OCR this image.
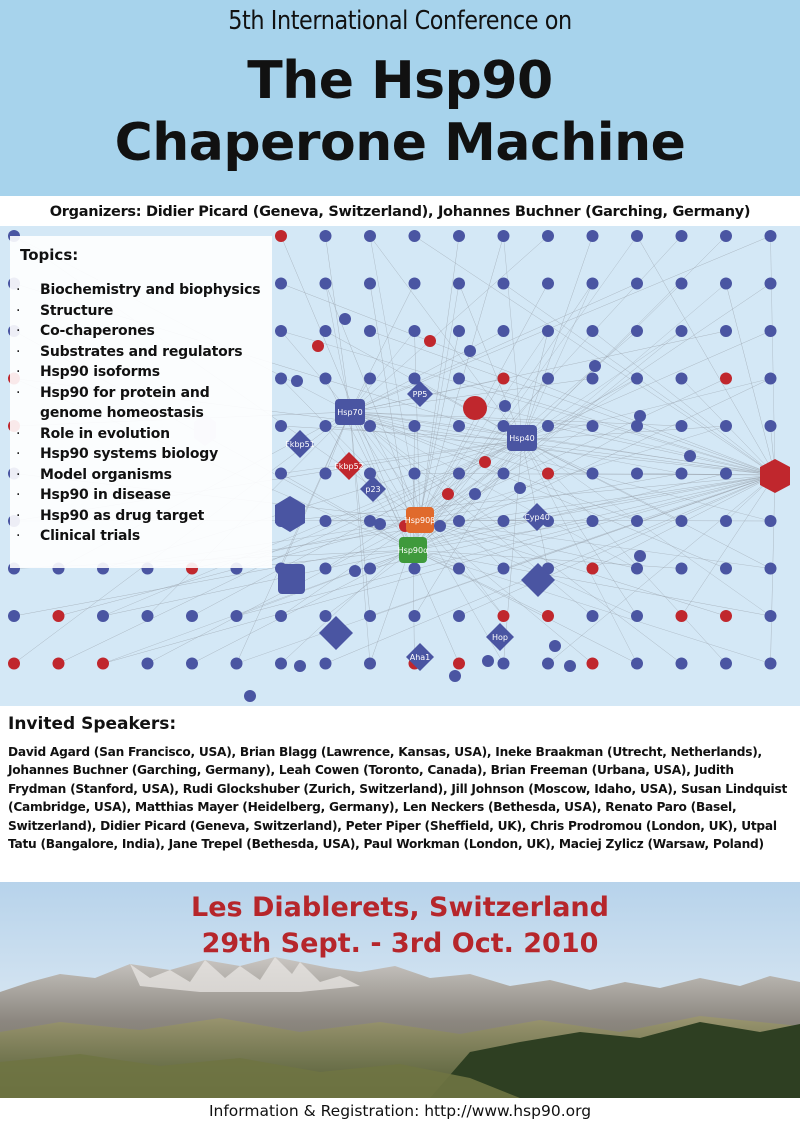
5th International Conference on
The Hsp90
Chaperone Machine
Organizers: Didier Picard (Geneva, Switzerland), Johannes Buchner (Garching, Germany)
PP5
Hsp70
Hsp40
Fkbp51
Fkbp52
p23
Hsp90β
Hsp90α
Cyp40
Hop
Aha1
Topics:
·	Biochemistry and biophysics
·	Structure
·	Co-chaperones
·	Substrates and regulators
·	Hsp90 isoforms
·	Hsp90 for protein and genome homeostasis
·	Role in evolution
·	Hsp90 systems biology
·	Model organisms
·	Hsp90 in disease
·	Hsp90 as drug target
·	Clinical trials
Invited Speakers:
David Agard (San Francisco, USA), Brian Blagg (Lawrence, Kansas, USA), Ineke Braakman (Utrecht, Netherlands), Johannes Buchner (Garching, Germany), Leah Cowen (Toronto, Canada), Brian Freeman (Urbana, USA), Judith Frydman (Stanford, USA), Rudi Glockshuber (Zurich, Switzerland), Jill Johnson (Moscow, Idaho, USA), Susan Lindquist (Cambridge, USA), Matthias Mayer (Heidelberg, Germany), Len Neckers (Bethesda, USA), Renato Paro (Basel, Switzerland), Didier Picard (Geneva, Switzerland), Peter Piper (Sheffield, UK), Chris Prodromou (London, UK), Utpal Tatu (Bangalore, India), Jane Trepel (Bethesda, USA), Paul Workman (London, UK), Maciej Zylicz (Warsaw, Poland)
Les Diablerets, Switzerland
29th Sept. - 3rd Oct. 2010
Information & Registration: http://www.hsp90.org
